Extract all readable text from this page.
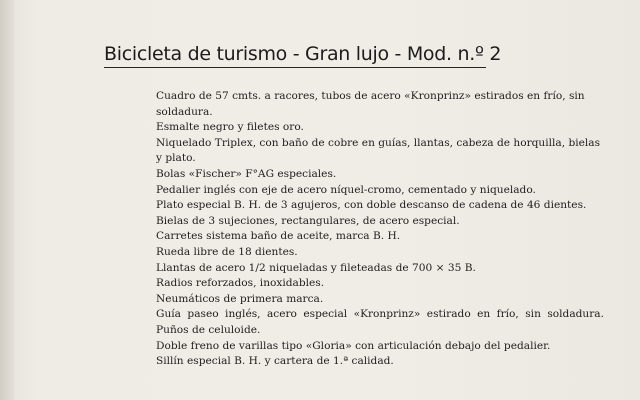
Bicicleta de turismo - Gran lujo - Mod. n.º 2
Cuadro de 57 cmts. a racores, tubos de acero «Kronprinz» estirados en frío, sin soldadura.
Esmalte negro y filetes oro.
Niquelado Triplex, con baño de cobre en guías, llantas, cabeza de horquilla, bielas y plato.
Bolas «Fischer» F°AG especiales.
Pedalier inglés con eje de acero níquel-cromo, cementado y niquelado.
Plato especial B. H. de 3 agujeros, con doble descanso de cadena de 46 dientes.
Bielas de 3 sujeciones, rectangulares, de acero especial.
Carretes sistema baño de aceite, marca B. H.
Rueda libre de 18 dientes.
Llantas de acero 1/2 niqueladas y fileteadas de 700 × 35 B.
Radios reforzados, inoxidables.
Neumáticos de primera marca.
Guía paseo inglés, acero especial «Kronprinz» estirado en frío, sin soldadura. Puños de celuloide.
Doble freno de varillas tipo «Gloria» con articulación debajo del pedalier.
Sillín especial B. H. y cartera de 1.ª calidad.
